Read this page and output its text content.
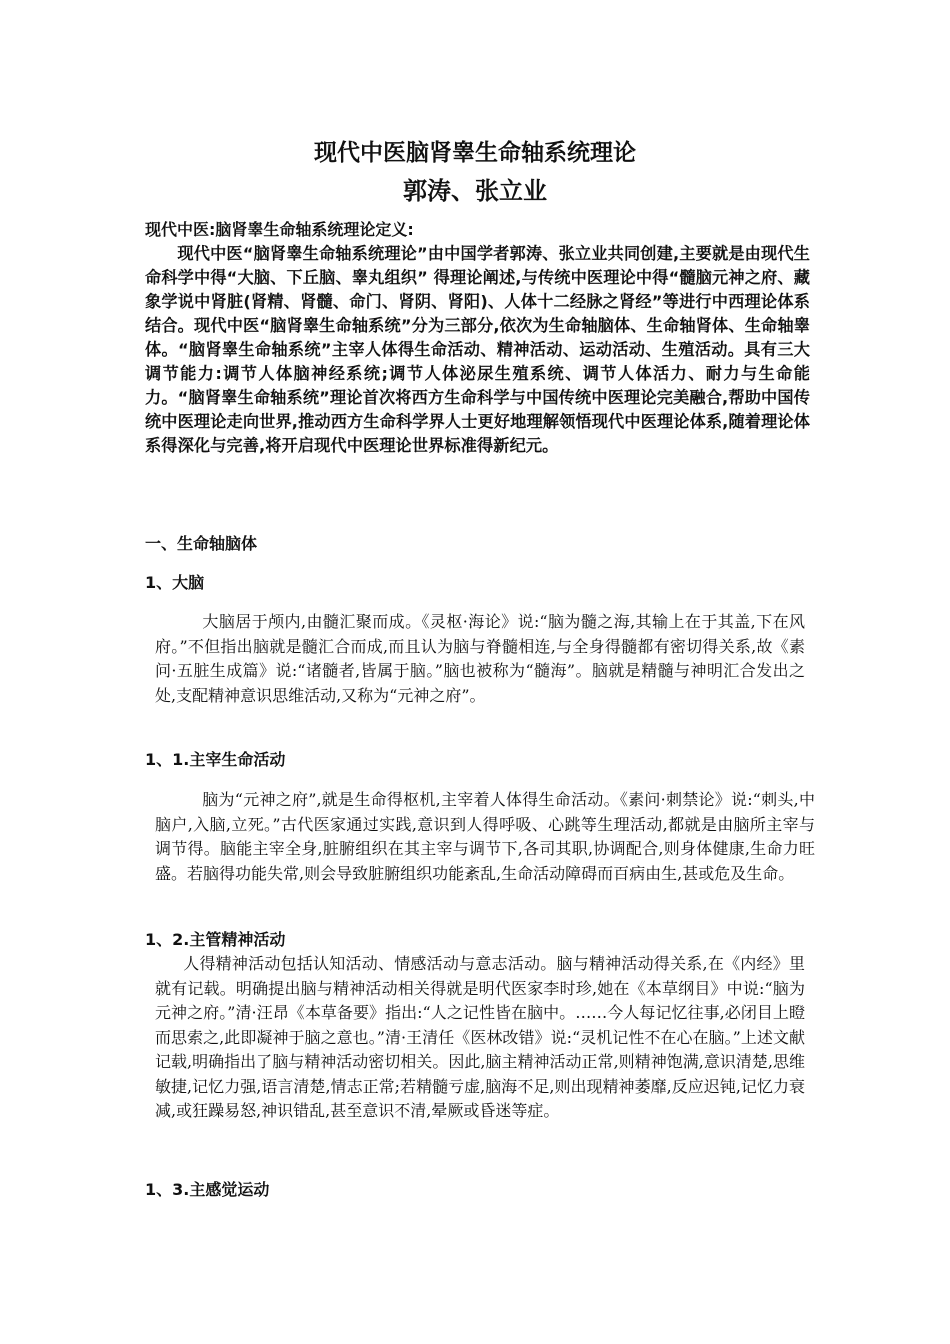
现代中医脑肾睾生命轴系统理论
郭涛、张立业
现代中医:脑肾睾生命轴系统理论定义:
现代中医“脑肾睾生命轴系统理论”由中国学者郭涛、张立业共同创建,主要就是由现代生命科学中得“大脑、下丘脑、睾丸组织” 得理论阐述,与传统中医理论中得“髓脑元神之府、藏象学说中肾脏(肾精、肾髓、命门、肾阴、肾阳)、人体十二经脉之肾经”等进行中西理论体系结合。现代中医“脑肾睾生命轴系统”分为三部分,依次为生命轴脑体、生命轴肾体、生命轴睾体。“脑肾睾生命轴系统”主宰人体得生命活动、精神活动、运动活动、生殖活动。具有三大调节能力:调节人体脑神经系统;调节人体泌尿生殖系统、调节人体活力、耐力与生命能力。“脑肾睾生命轴系统”理论首次将西方生命科学与中国传统中医理论完美融合,帮助中国传统中医理论走向世界,推动西方生命科学界人士更好地理解领悟现代中医理论体系,随着理论体系得深化与完善,将开启现代中医理论世界标准得新纪元。
一、生命轴脑体
1、大脑
大脑居于颅内,由髓汇聚而成。《灵枢·海论》说:“脑为髓之海,其输上在于其盖,下在风府。”不但指出脑就是髓汇合而成,而且认为脑与脊髓相连,与全身得髓都有密切得关系,故《素问·五脏生成篇》说:“诸髓者,皆属于脑。”脑也被称为“髓海”。脑就是精髓与神明汇合发出之处,支配精神意识思维活动,又称为“元神之府”。
1、1.主宰生命活动
脑为“元神之府”,就是生命得枢机,主宰着人体得生命活动。《素问·刺禁论》说:“刺头,中脑户,入脑,立死。”古代医家通过实践,意识到人得呼吸、心跳等生理活动,都就是由脑所主宰与调节得。脑能主宰全身,脏腑组织在其主宰与调节下,各司其职,协调配合,则身体健康,生命力旺盛。若脑得功能失常,则会导致脏腑组织功能紊乱,生命活动障碍而百病由生,甚或危及生命。
1、2.主管精神活动
人得精神活动包括认知活动、情感活动与意志活动。脑与精神活动得关系,在《内经》里就有记载。明确提出脑与精神活动相关得就是明代医家李时珍,她在《本草纲目》中说:“脑为元神之府。”清·汪昂《本草备要》指出:“人之记性皆在脑中。……今人每记忆往事,必闭目上瞪而思索之,此即凝神于脑之意也。”清·王清任《医林改错》说:“灵机记性不在心在脑。”上述文献记载,明确指出了脑与精神活动密切相关。因此,脑主精神活动正常,则精神饱满,意识清楚,思维敏捷,记忆力强,语言清楚,情志正常;若精髓亏虚,脑海不足,则出现精神萎靡,反应迟钝,记忆力衰减,或狂躁易怒,神识错乱,甚至意识不清,晕厥或昏迷等症。
1、3.主感觉运动
